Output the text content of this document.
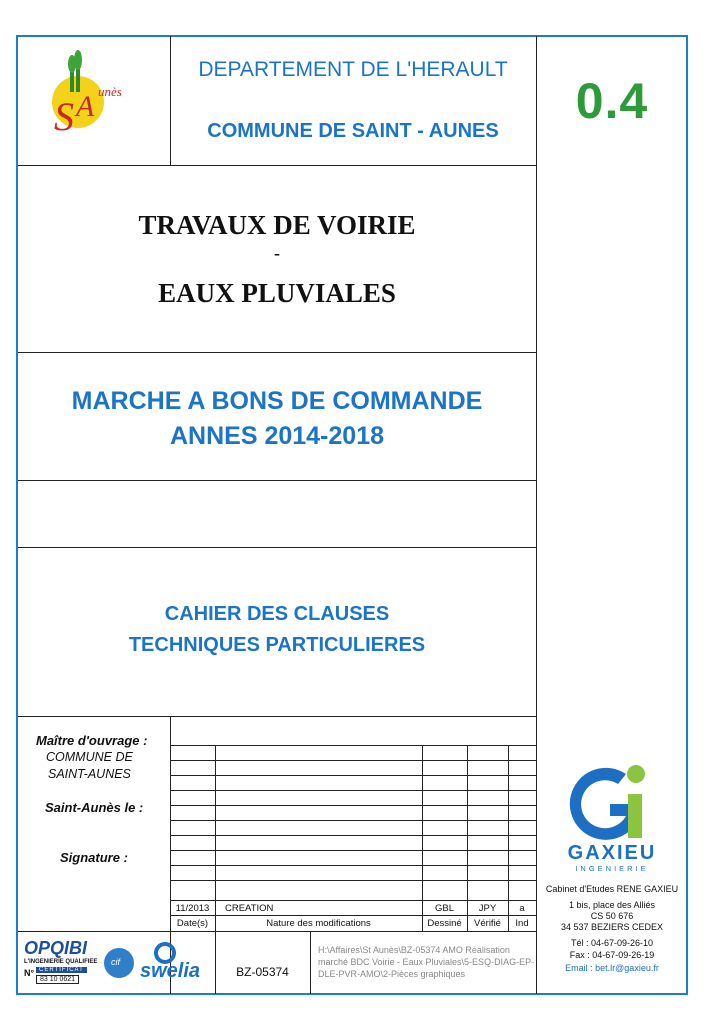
S A unès
DEPARTEMENT DE L'HERAULT
COMMUNE DE SAINT - AUNES
0.4
TRAVAUX DE VOIRIE
-
EAUX PLUVIALES
MARCHE A BONS DE COMMANDE
ANNES 2014-2018
CAHIER DES CLAUSES
TECHNIQUES PARTICULIERES
Maître d'ouvrage :
COMMUNE DE
SAINT-AUNES
Saint-Aunès le :
Signature :
11/2013	CREATION	GBL	JPY	a
Date(s)	Nature des modifications	Dessiné	Vérifié	Ind
GAXIEU
INGENIERIE
Cabinet d'Etudes RENE GAXIEU
1 bis, place des Alliés
CS 50 676
34 537 BEZIERS CEDEX
Tél : 04-67-09-26-10
Fax : 04-67-09-26-19
Email : bet.lr@gaxieu.fr
OPQIBI
L'INGENIERIE QUALIFIEE
CERTIFICAT
N°
83 10 0621
cif swelia	BZ-05374
H:\Affaires\St Aunès\BZ-05374 AMO Réalisation marché BDC Voirie - Eaux Pluviales\5-ESQ-DIAG-EP-DLE-PVR-AMO\2-Pièces graphiques
